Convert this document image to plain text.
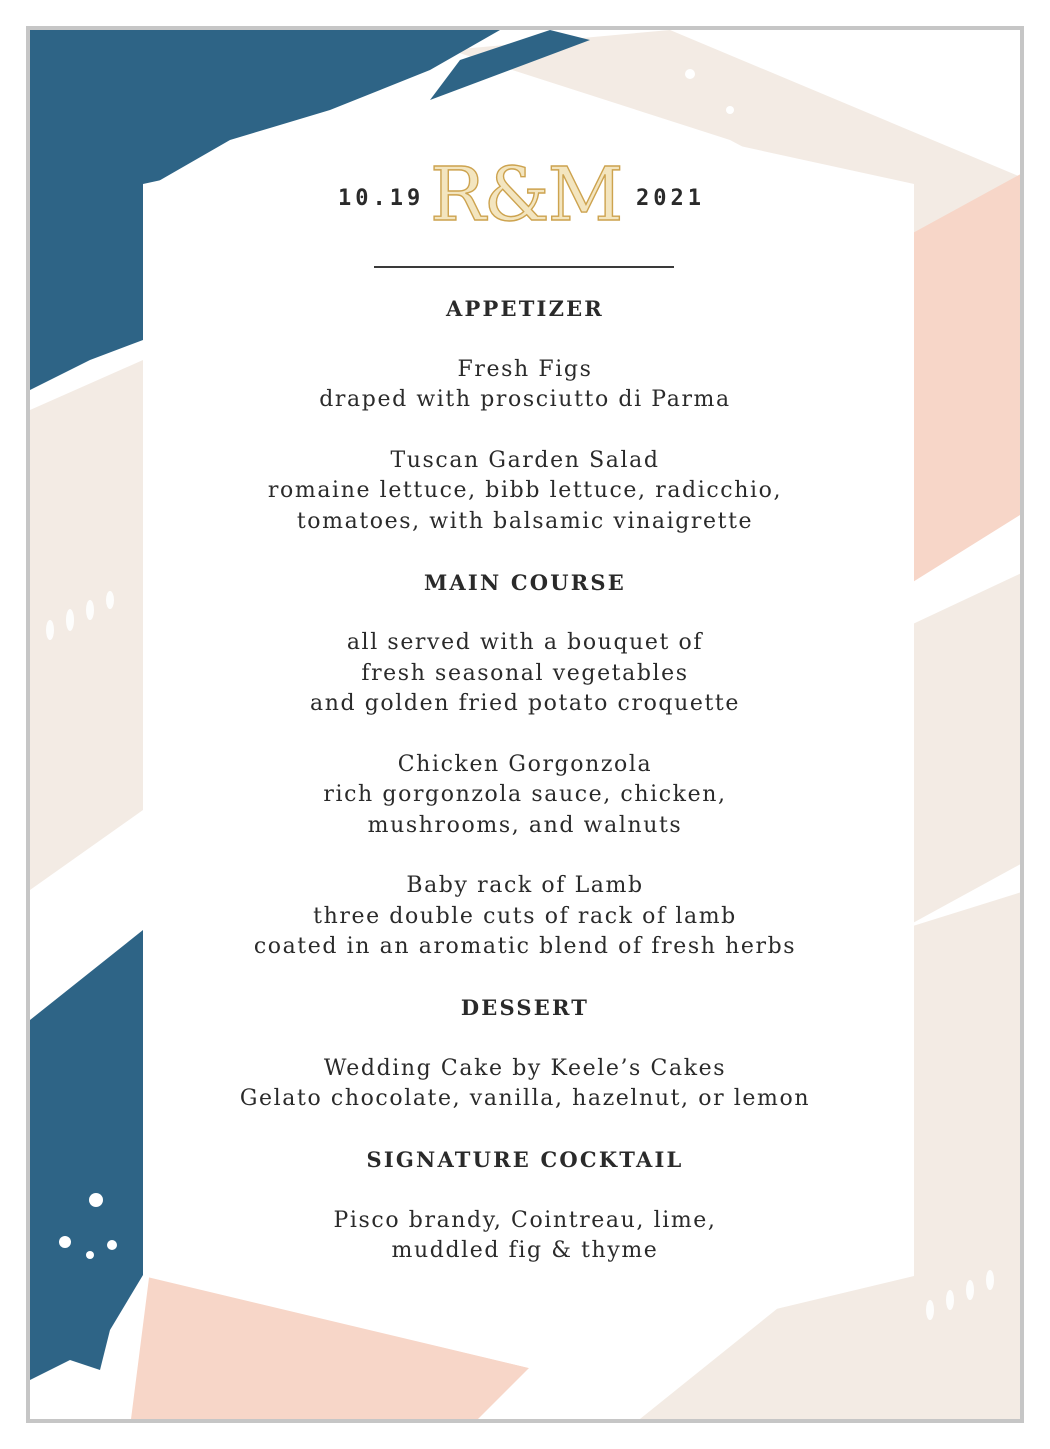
10.19 R&M 2021
APPETIZER
Fresh Figs
draped with prosciutto di Parma
Tuscan Garden Salad
romaine lettuce, bibb lettuce, radicchio,
tomatoes, with balsamic vinaigrette
MAIN COURSE
all served with a bouquet of
fresh seasonal vegetables
and golden fried potato croquette
Chicken Gorgonzola
rich gorgonzola sauce, chicken,
mushrooms, and walnuts
Baby rack of Lamb
three double cuts of rack of lamb
coated in an aromatic blend of fresh herbs
DESSERT
Wedding Cake by Keele’s Cakes
Gelato chocolate, vanilla, hazelnut, or lemon
SIGNATURE COCKTAIL
Pisco brandy, Cointreau, lime,
muddled fig & thyme
